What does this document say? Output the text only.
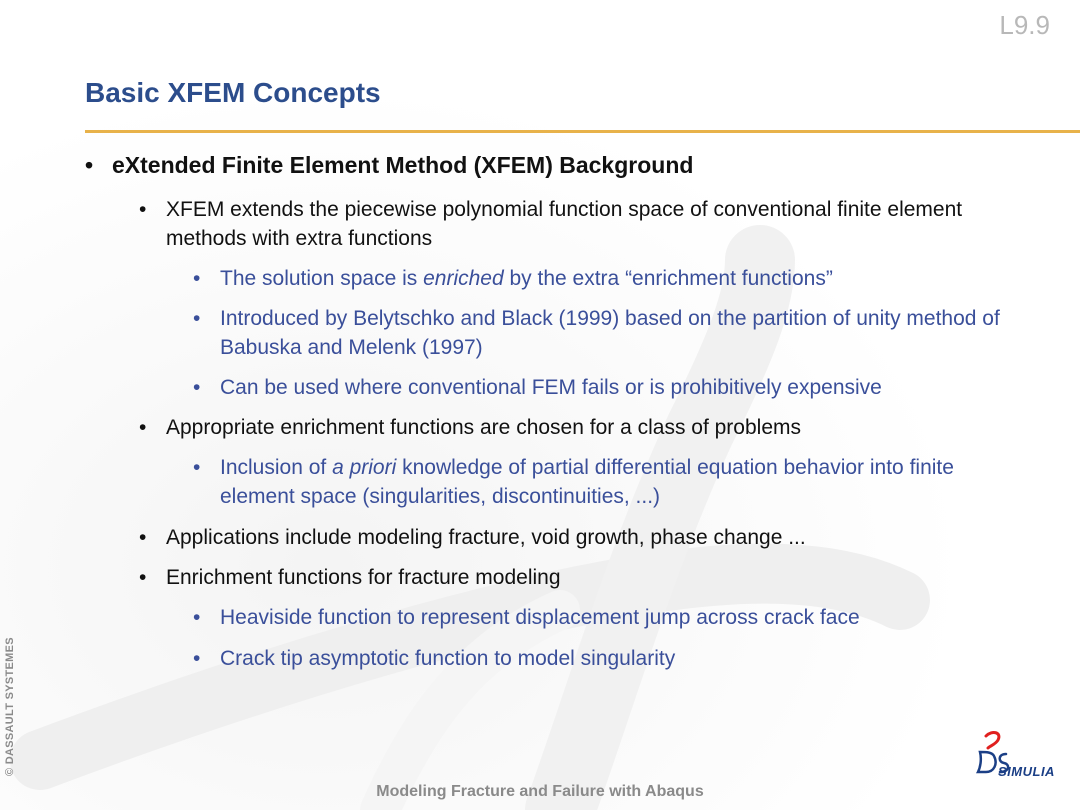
L9.9
Basic XFEM Concepts
• eXtended Finite Element Method (XFEM) Background
• XFEM extends the piecewise polynomial function space of conventional finite element methods with extra functions
• The solution space is enriched by the extra “enrichment functions”
• Introduced by Belytschko and Black (1999) based on the partition of unity method of Babuska and Melenk (1997)
• Can be used where conventional FEM fails or is prohibitively expensive
• Appropriate enrichment functions are chosen for a class of problems
• Inclusion of a priori knowledge of partial differential equation behavior into finite element space (singularities, discontinuities, ...)
• Applications include modeling fracture, void growth, phase change ...
• Enrichment functions for fracture modeling
• Heaviside function to represent displacement jump across crack face
• Crack tip asymptotic function to model singularity
© DASSAULT SYSTEMES	SIMULIA
Modeling Fracture and Failure with Abaqus
